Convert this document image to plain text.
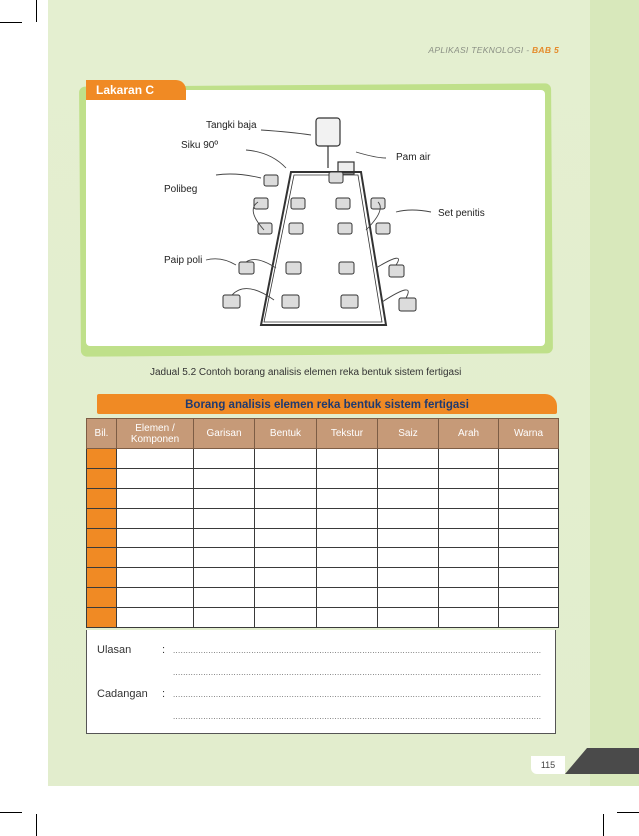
APLIKASI TEKNOLOGI - BAB 5
Tangki baja
Siku 90º
Pam air
Polibeg
Set penitis
Paip poli
Lakaran C
Jadual 5.2 Contoh borang analisis elemen reka bentuk sistem fertigasi
Borang analisis elemen reka bentuk sistem fertigasi
Bil.	Elemen / Komponen	Garisan	Bentuk	Tekstur	Saiz	Arah	Warna

Ulasan	: ..................................................................................................................................................
..................................................................................................................................................
Cadangan : ..................................................................................................................................................
..................................................................................................................................................
115
